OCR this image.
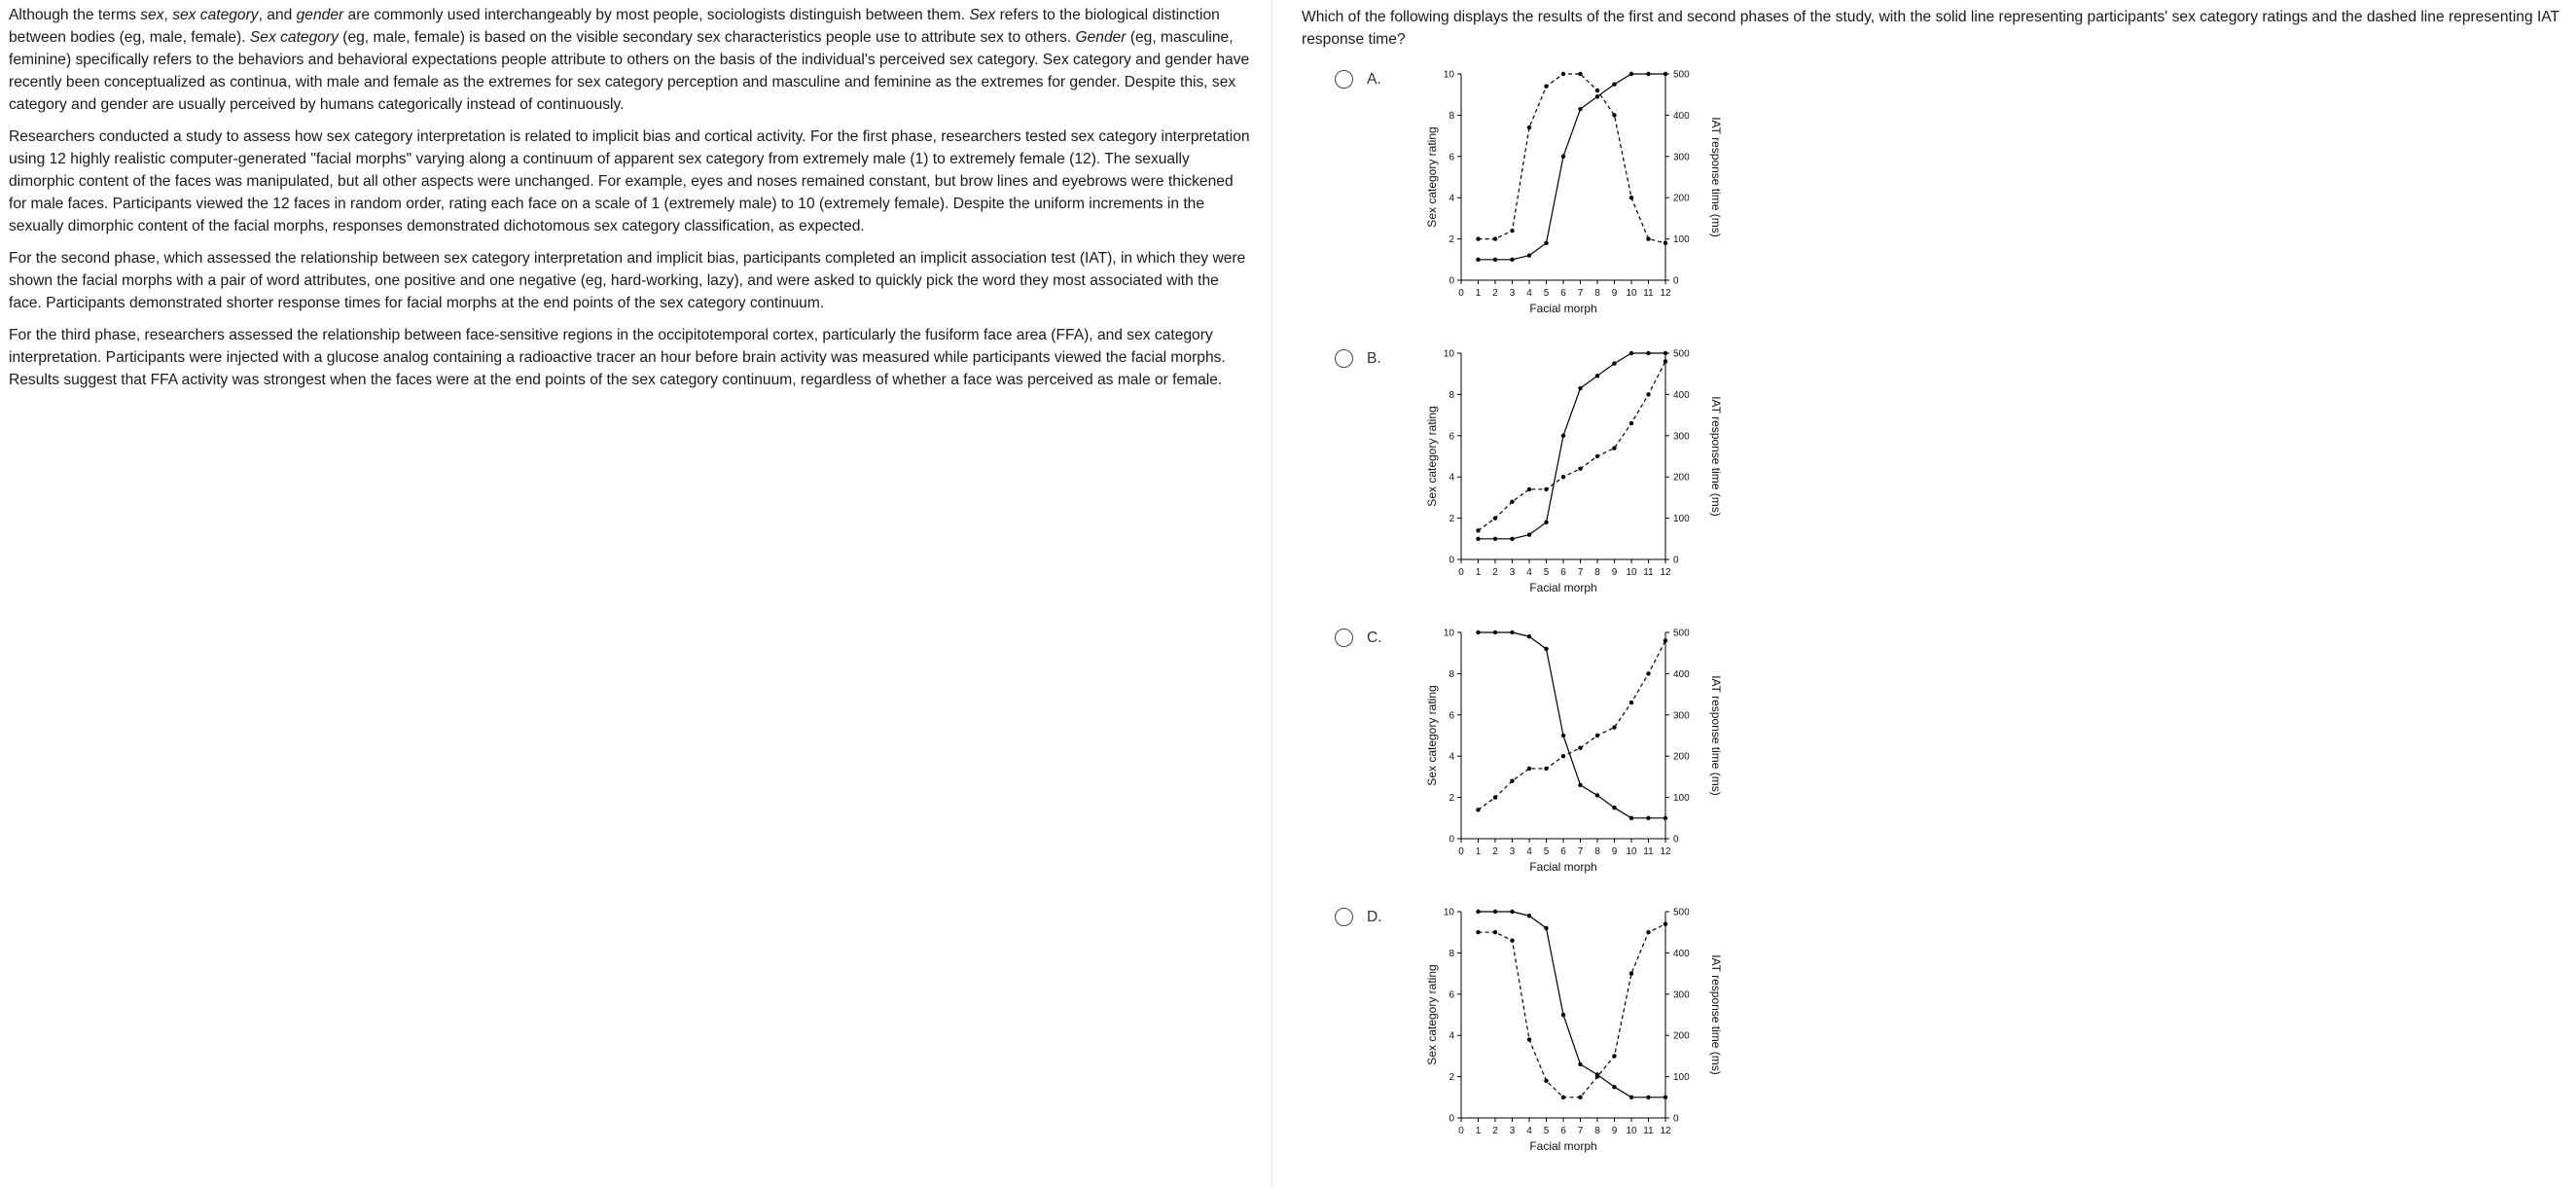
Although the terms sex, sex category, and gender are commonly used interchangeably by most people, sociologists distinguish between them. Sex refers to the biological distinction between bodies (eg, male, female). Sex category (eg, male, female) is based on the visible secondary sex characteristics people use to attribute sex to others. Gender (eg, masculine, feminine) specifically refers to the behaviors and behavioral expectations people attribute to others on the basis of the individual's perceived sex category. Sex category and gender have recently been conceptualized as continua, with male and female as the extremes for sex category perception and masculine and feminine as the extremes for gender. Despite this, sex category and gender are usually perceived by humans categorically instead of continuously.

Researchers conducted a study to assess how sex category interpretation is related to implicit bias and cortical activity. For the first phase, researchers tested sex category interpretation using 12 highly realistic computer-generated "facial morphs" varying along a continuum of apparent sex category from extremely male (1) to extremely female (12). The sexually dimorphic content of the faces was manipulated, but all other aspects were unchanged. For example, eyes and noses remained constant, but brow lines and eyebrows were thickened for male faces. Participants viewed the 12 faces in random order, rating each face on a scale of 1 (extremely male) to 10 (extremely female). Despite the uniform increments in the sexually dimorphic content of the facial morphs, responses demonstrated dichotomous sex category classification, as expected.

For the second phase, which assessed the relationship between sex category interpretation and implicit bias, participants completed an implicit association test (IAT), in which they were shown the facial morphs with a pair of word attributes, one positive and one negative (eg, hard-working, lazy), and were asked to quickly pick the word they most associated with the face. Participants demonstrated shorter response times for facial morphs at the end points of the sex category continuum.

For the third phase, researchers assessed the relationship between face-sensitive regions in the occipitotemporal cortex, particularly the fusiform face area (FFA), and sex category interpretation. Participants were injected with a glucose analog containing a radioactive tracer an hour before brain activity was measured while participants viewed the facial morphs. Results suggest that FFA activity was strongest when the faces were at the end points of the sex category continuum, regardless of whether a face was perceived as male or female.

Which of the following displays the results of the first and second phases of the study, with the solid line representing participants' sex category ratings and the dashed line representing IAT response time?
A.
0
2
4
6
8
10
0
100
200
300
400
500
0 1 2 3 4 5 6 7 8 9 10 11 12
Facial morph
Sex category rating	IAT response time (ms)
B.
0
2
4
6
8
10
0
100
200
300
400
500
0 1 2 3 4 5 6 7 8 9 10 11 12
Facial morph
Sex category rating	IAT response time (ms)
C.
0
2
4
6
8
10
0
100
200
300
400
500
0 1 2 3 4 5 6 7 8 9 10 11 12
Facial morph
Sex category rating	IAT response time (ms)
D.
0
2
4
6
8
10
0
100
200
300
400
500
0 1 2 3 4 5 6 7 8 9 10 11 12
Facial morph
Sex category rating	IAT response time (ms)
